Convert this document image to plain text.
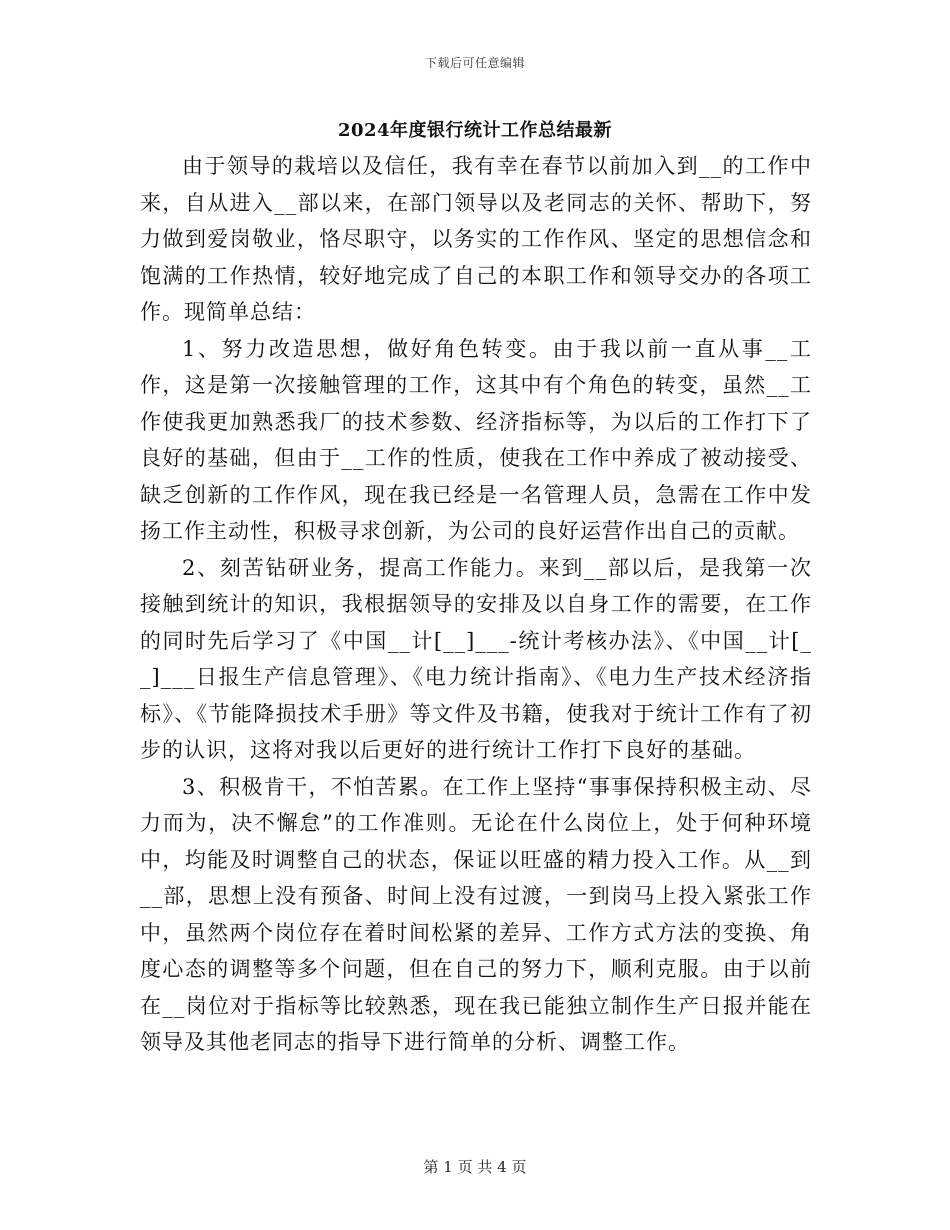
下载后可任意编辑
2024年度银行统计工作总结最新

由于领导的栽培以及信任，我有幸在春节以前加入到__的工作中来，自从进入__部以来，在部门领导以及老同志的关怀、帮助下，努力做到爱岗敬业，恪尽职守，以务实的工作作风、坚定的思想信念和饱满的工作热情，较好地完成了自己的本职工作和领导交办的各项工作。现简单总结：

1、努力改造思想，做好角色转变。由于我以前一直从事__工作，这是第一次接触管理的工作，这其中有个角色的转变，虽然__工作使我更加熟悉我厂的技术参数、经济指标等，为以后的工作打下了良好的基础，但由于__工作的性质，使我在工作中养成了被动接受、缺乏创新的工作作风，现在我已经是一名管理人员，急需在工作中发扬工作主动性，积极寻求创新，为公司的良好运营作出自己的贡献。

2、刻苦钻研业务，提高工作能力。来到__部以后，是我第一次接触到统计的知识，我根据领导的安排及以自身工作的需要，在工作的同时先后学习了《中国__计[__]___-统计考核办法》、《中国__计[__]___日报生产信息管理》、《电力统计指南》、《电力生产技术经济指标》、《节能降损技术手册》等文件及书籍，使我对于统计工作有了初步的认识，这将对我以后更好的进行统计工作打下良好的基础。

3、积极肯干，不怕苦累。在工作上坚持“事事保持积极主动、尽力而为，决不懈怠”的工作准则。无论在什么岗位上，处于何种环境中，均能及时调整自己的状态，保证以旺盛的精力投入工作。从__到__部，思想上没有预备、时间上没有过渡，一到岗马上投入紧张工作中，虽然两个岗位存在着时间松紧的差异、工作方式方法的变换、角度心态的调整等多个问题，但在自己的努力下，顺利克服。由于以前在__岗位对于指标等比较熟悉，现在我已能独立制作生产日报并能在领导及其他老同志的指导下进行简单的分析、调整工作。

第 1 页 共 4 页
